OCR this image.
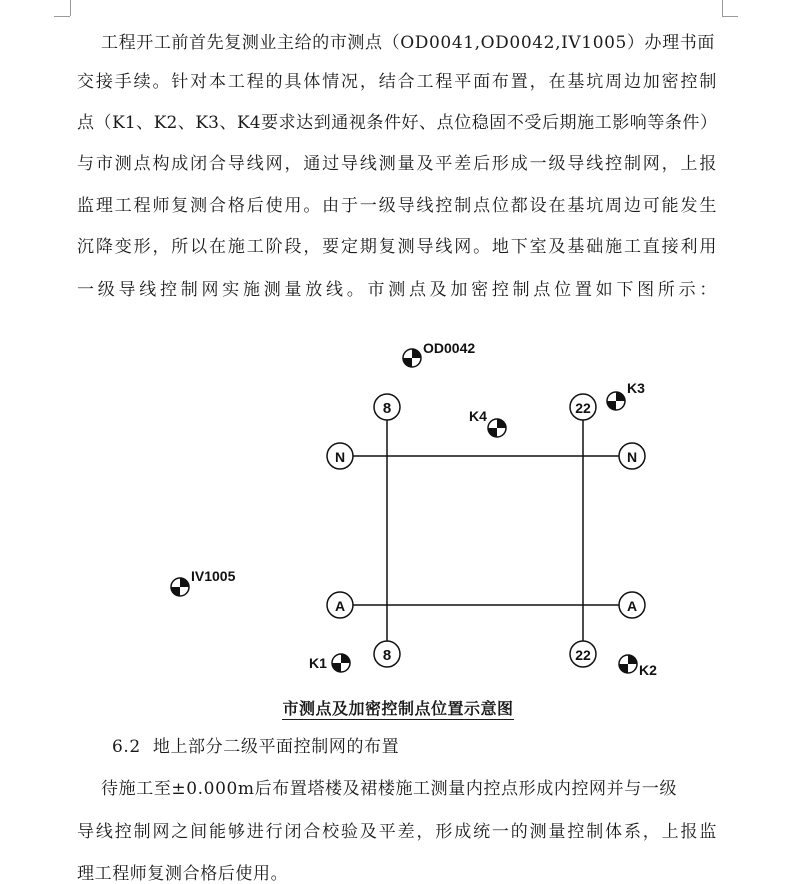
工程开工前首先复测业主给的市测点（OD0041,OD0042,IV1005）办理书面
交接手续。针对本工程的具体情况，结合工程平面布置，在基坑周边加密控制
点（K1、K2、K3、K4要求达到通视条件好、点位稳固不受后期施工影响等条件）
与市测点构成闭合导线网，通过导线测量及平差后形成一级导线控制网，上报
监理工程师复测合格后使用。由于一级导线控制点位都设在基坑周边可能发生
沉降变形，所以在施工阶段，要定期复测导线网。地下室及基础施工直接利用
一级导线控制网实施测量放线。市测点及加密控制点位置如下图所示：
8	22
8	22
N	N
A	A
OD0042
K3
K4
IV1005
K1	K2
市测点及加密控制点位置示意图
6.2  地上部分二级平面控制网的布置
待施工至±0.000m后布置塔楼及裙楼施工测量内控点形成内控网并与一级
导线控制网之间能够进行闭合校验及平差，形成统一的测量控制体系，上报监
理工程师复测合格后使用。
